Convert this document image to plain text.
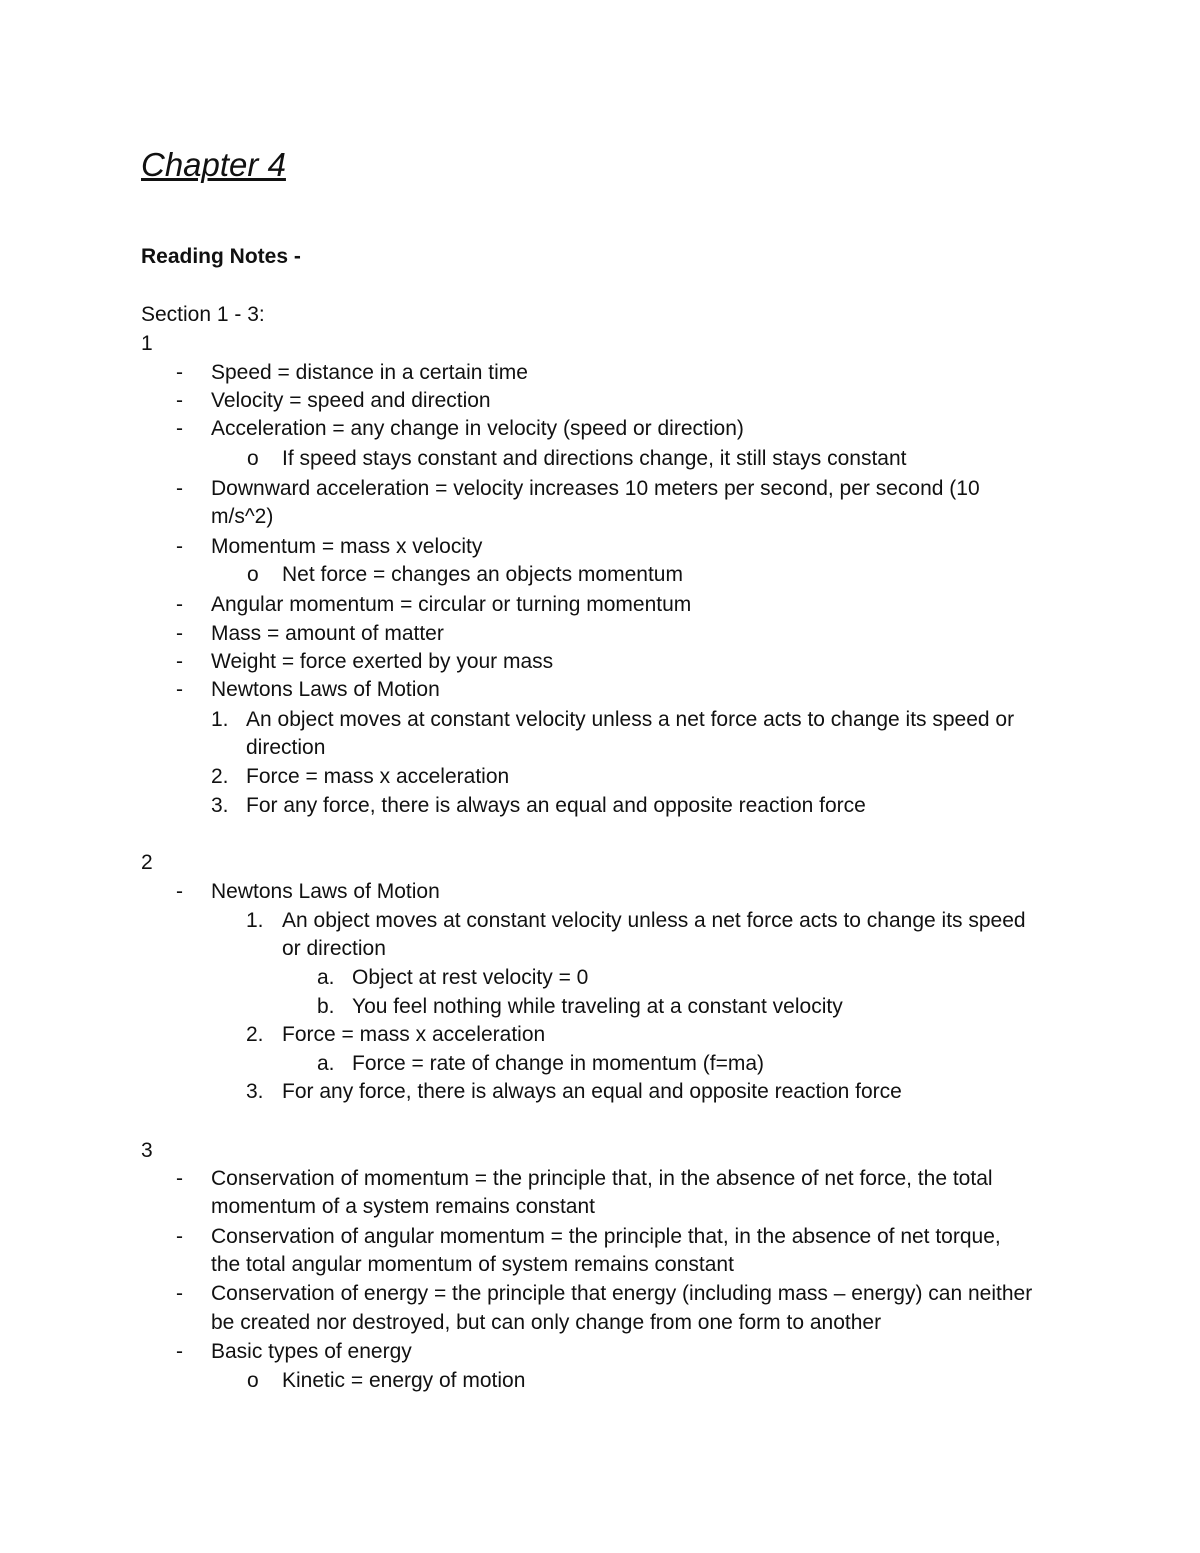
Chapter 4
Reading Notes -
Section 1 - 3:
1
- Speed = distance in a certain time
- Velocity = speed and direction
- Acceleration = any change in velocity (speed or direction)
o If speed stays constant and directions change, it still stays constant
- Downward acceleration = velocity increases 10 meters per second, per second (10
m/s^2)
- Momentum = mass x velocity
o Net force = changes an objects momentum
- Angular momentum = circular or turning momentum
- Mass = amount of matter
- Weight = force exerted by your mass
- Newtons Laws of Motion
1. An object moves at constant velocity unless a net force acts to change its speed or
direction
2. Force = mass x acceleration
3. For any force, there is always an equal and opposite reaction force
2
- Newtons Laws of Motion
1. An object moves at constant velocity unless a net force acts to change its speed
or direction
a. Object at rest velocity = 0
b. You feel nothing while traveling at a constant velocity
2. Force = mass x acceleration
a. Force = rate of change in momentum (f=ma)
3. For any force, there is always an equal and opposite reaction force
3
- Conservation of momentum = the principle that, in the absence of net force, the total
momentum of a system remains constant
- Conservation of angular momentum = the principle that, in the absence of net torque,
the total angular momentum of system remains constant
- Conservation of energy = the principle that energy (including mass – energy) can neither
be created nor destroyed, but can only change from one form to another
- Basic types of energy
o Kinetic = energy of motion
